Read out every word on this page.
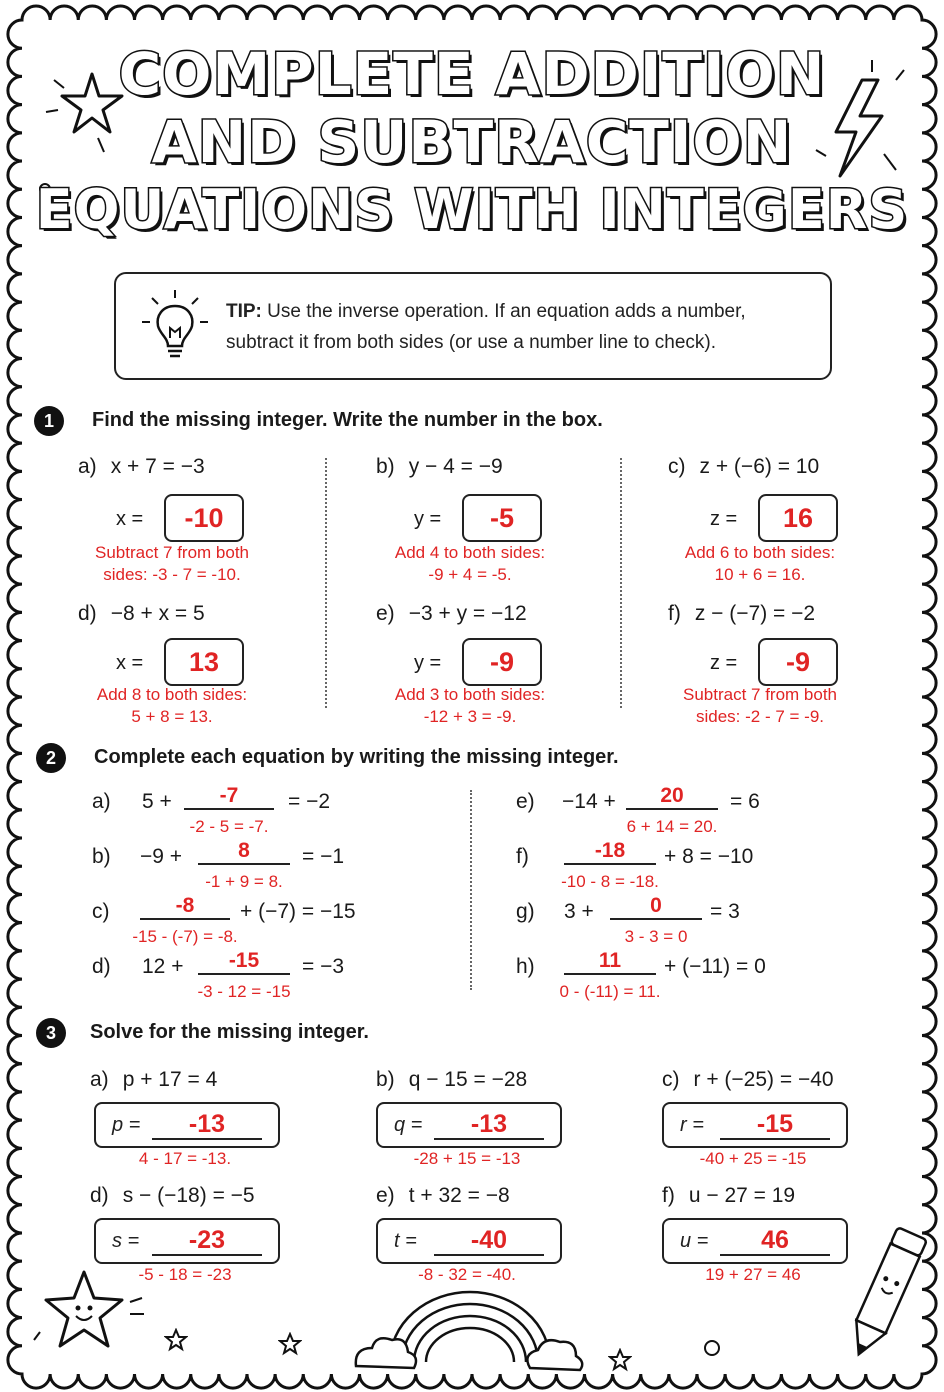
COMPLETE ADDITION
AND SUBTRACTION
EQUATIONS WITH INTEGERS
TIP: Use the inverse operation. If an equation adds a number,
subtract it from both sides (or use a number line to check).
1	Find the missing integer. Write the number in the box.
a) x + 7 = −3
x =	-10
Subtract 7 from both
sides: -3 - 7 = -10.
b) y − 4 = −9
y =	-5
Add 4 to both sides:
-9 + 4 = -5.
c) z + (−6) = 10
z =	16
Add 6 to both sides:
10 + 6 = 16.
d) −8 + x = 5
x =	13
Add 8 to both sides:
5 + 8 = 13.
e) −3 + y = −12
y =	-9
Add 3 to both sides:
-12 + 3 = -9.
f) z − (−7) = −2
z =	-9
Subtract 7 from both
sides: -2 - 7 = -9.
2	Complete each equation by writing the missing integer.
a) 5 +	-7	= −2
-2 - 5 = -7.
b) −9 +	8	= −1
-1 + 9 = 8.
c)	-8	+ (−7) = −15
-15 - (-7) = -8.
d) 12 +	-15	= −3
-3 - 12 = -15
e) −14 +	20	= 6
6 + 14 = 20.
f)	-18	+ 8 = −10
-10 - 8 = -18.
g) 3 +	0	= 3
3 - 3 = 0
h)	11	+ (−11) = 0
0 - (-11) = 11.
3	Solve for the missing integer.
a) p + 17 = 4
p =	-13
4 - 17 = -13.
b) q − 15 = −28
q =	-13
-28 + 15 = -13
c) r + (−25) = −40
r =	-15
-40 + 25 = -15
d) s − (−18) = −5
s =	-23
-5 - 18 = -23
e) t + 32 = −8
t =	-40
-8 - 32 = -40.
f) u − 27 = 19
u =	46
19 + 27 = 46
